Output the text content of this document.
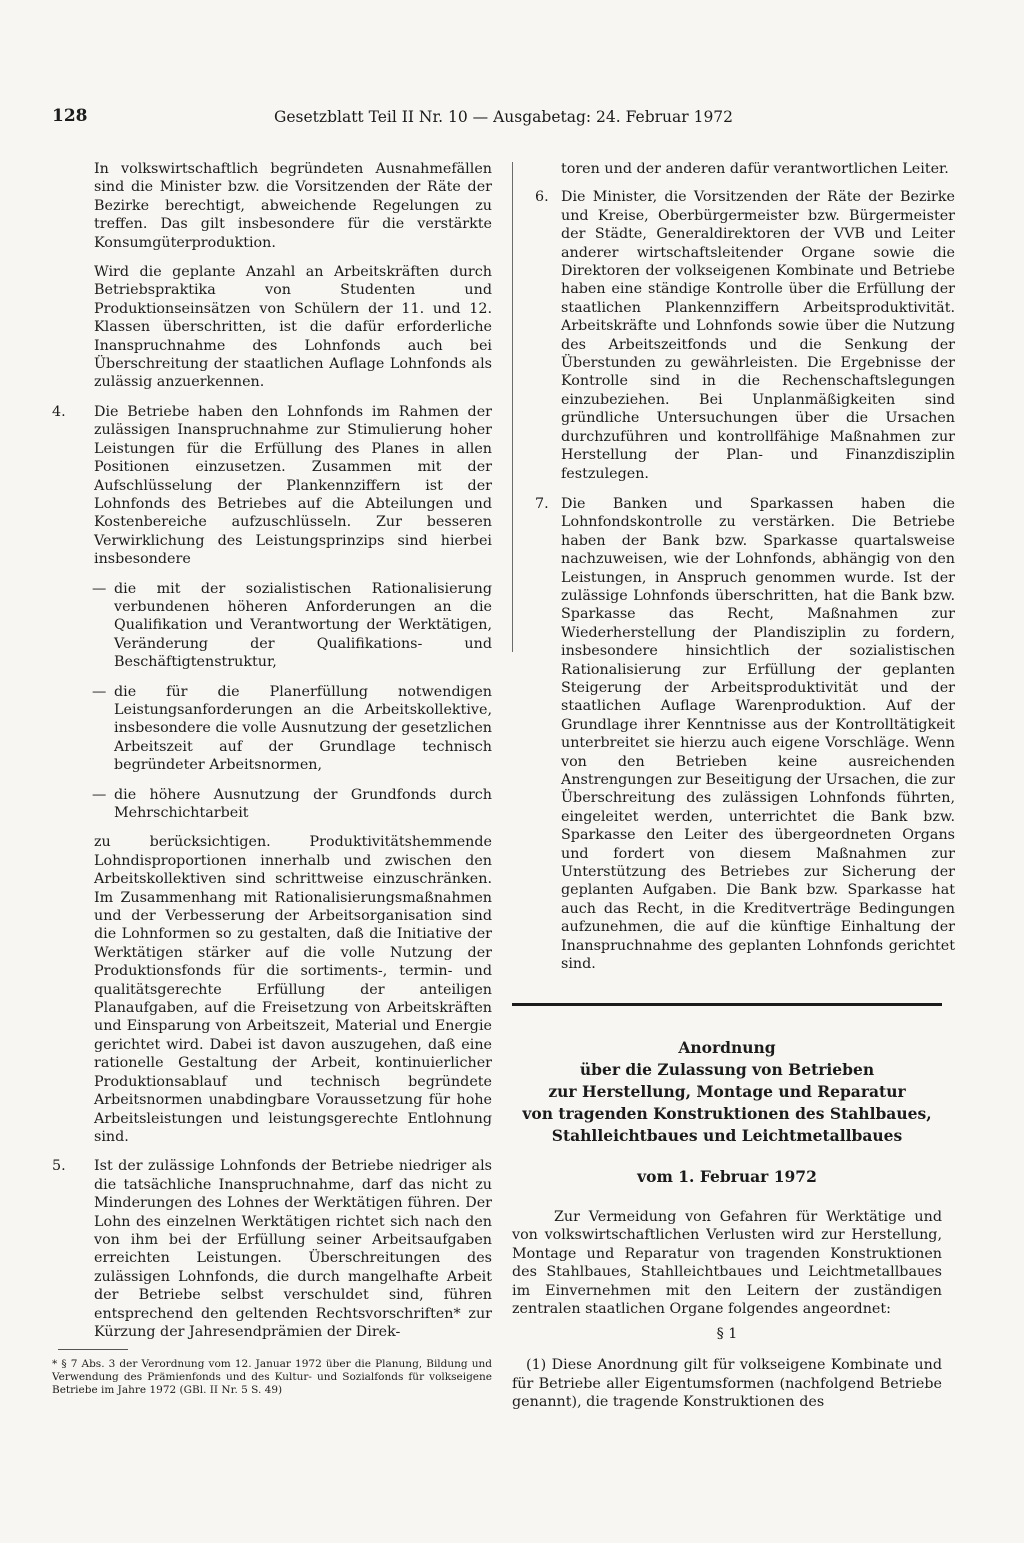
128	Gesetzblatt Teil II Nr. 10 — Ausgabetag: 24. Februar 1972

In volkswirtschaftlich begründeten Ausnahmefällen sind die Minister bzw. die Vorsitzenden der Räte der Bezirke berechtigt, abweichende Regelungen zu treffen. Das gilt insbesondere für die verstärkte Konsumgüterproduktion.

Wird die geplante Anzahl an Arbeitskräften durch Betriebspraktika von Studenten und Produktionseinsätzen von Schülern der 11. und 12. Klassen überschritten, ist die dafür erforderliche Inanspruchnahme des Lohnfonds auch bei Überschreitung der staatlichen Auflage Lohnfonds als zulässig anzuerkennen.

4. Die Betriebe haben den Lohnfonds im Rahmen der zulässigen Inanspruchnahme zur Stimulierung hoher Leistungen für die Erfüllung des Planes in allen Positionen einzusetzen. Zusammen mit der Aufschlüsselung der Plankennziffern ist der Lohnfonds des Betriebes auf die Abteilungen und Kostenbereiche aufzuschlüsseln. Zur besseren Verwirklichung des Leistungsprinzips sind hierbei insbesondere
— die mit der sozialistischen Rationalisierung verbundenen höheren Anforderungen an die Qualifikation und Verantwortung der Werktätigen, Veränderung der Qualifikations- und Beschäftigtenstruktur,
— die für die Planerfüllung notwendigen Leistungsanforderungen an die Arbeitskollektive, insbesondere die volle Ausnutzung der gesetzlichen Arbeitszeit auf der Grundlage technisch begründeter Arbeitsnormen,
— die höhere Ausnutzung der Grundfonds durch Mehrschichtarbeit

zu berücksichtigen. Produktivitätshemmende Lohndisproportionen innerhalb und zwischen den Arbeitskollektiven sind schrittweise einzuschränken. Im Zusammenhang mit Rationalisierungsmaßnahmen und der Verbesserung der Arbeitsorganisation sind die Lohnformen so zu gestalten, daß die Initiative der Werktätigen stärker auf die volle Nutzung der Produktionsfonds für die sortiments-, termin- und qualitätsgerechte Erfüllung der anteiligen Planaufgaben, auf die Freisetzung von Arbeitskräften und Einsparung von Arbeitszeit, Material und Energie gerichtet wird. Dabei ist davon auszugehen, daß eine rationelle Gestaltung der Arbeit, kontinuierlicher Produktionsablauf und technisch begründete Arbeitsnormen unabdingbare Voraussetzung für hohe Arbeitsleistungen und leistungsgerechte Entlohnung sind.

5. Ist der zulässige Lohnfonds der Betriebe niedriger als die tatsächliche Inanspruchnahme, darf das nicht zu Minderungen des Lohnes der Werktätigen führen. Der Lohn des einzelnen Werktätigen richtet sich nach den von ihm bei der Erfüllung seiner Arbeitsaufgaben erreichten Leistungen. Überschreitungen des zulässigen Lohnfonds, die durch mangelhafte Arbeit der Betriebe selbst verschuldet sind, führen entsprechend den geltenden Rechtsvorschriften* zur Kürzung der Jahresendprämien der Direk-

toren und der anderen dafür verantwortlichen Leiter.

6. Die Minister, die Vorsitzenden der Räte der Bezirke und Kreise, Oberbürgermeister bzw. Bürgermeister der Städte, Generaldirektoren der VVB und Leiter anderer wirtschaftsleitender Organe sowie die Direktoren der volkseigenen Kombinate und Betriebe haben eine ständige Kontrolle über die Erfüllung der staatlichen Plankennziffern Arbeitsproduktivität. Arbeitskräfte und Lohnfonds sowie über die Nutzung des Arbeitszeitfonds und die Senkung der Überstunden zu gewährleisten. Die Ergebnisse der Kontrolle sind in die Rechenschaftslegungen einzubeziehen. Bei Unplanmäßigkeiten sind gründliche Untersuchungen über die Ursachen durchzuführen und kontrollfähige Maßnahmen zur Herstellung der Plan- und Finanzdisziplin festzulegen.
7. Die Banken und Sparkassen haben die Lohnfondskontrolle zu verstärken. Die Betriebe haben der Bank bzw. Sparkasse quartalsweise nachzuweisen, wie der Lohnfonds, abhängig von den Leistungen, in Anspruch genommen wurde. Ist der zulässige Lohnfonds überschritten, hat die Bank bzw. Sparkasse das Recht, Maßnahmen zur Wiederherstellung der Plandisziplin zu fordern, insbesondere hinsichtlich der sozialistischen Rationalisierung zur Erfüllung der geplanten Steigerung der Arbeitsproduktivität und der staatlichen Auflage Warenproduktion. Auf der Grundlage ihrer Kenntnisse aus der Kontrolltätigkeit unterbreitet sie hierzu auch eigene Vorschläge. Wenn von den Betrieben keine ausreichenden Anstrengungen zur Beseitigung der Ursachen, die zur Überschreitung des zulässigen Lohnfonds führten, eingeleitet werden, unterrichtet die Bank bzw. Sparkasse den Leiter des übergeordneten Organs und fordert von diesem Maßnahmen zur Unterstützung des Betriebes zur Sicherung der geplanten Aufgaben. Die Bank bzw. Sparkasse hat auch das Recht, in die Kreditverträge Bedingungen aufzunehmen, die auf die künftige Einhaltung der Inanspruchnahme des geplanten Lohnfonds gerichtet sind.
Anordnung
über die Zulassung von Betrieben
zur Herstellung, Montage und Reparatur
von tragenden Konstruktionen des Stahlbaues,
Stahlleichtbaues und Leichtmetallbaues
vom 1. Februar 1972

Zur Vermeidung von Gefahren für Werktätige und von volkswirtschaftlichen Verlusten wird zur Herstellung, Montage und Reparatur von tragenden Konstruktionen des Stahlbaues, Stahlleichtbaues und Leichtmetallbaues im Einvernehmen mit den Leitern der zuständigen zentralen staatlichen Organe folgendes angeordnet:

§ 1

(1) Diese Anordnung gilt für volkseigene Kombinate und für Betriebe aller Eigentumsformen (nachfolgend Betriebe genannt), die tragende Konstruktionen des

* § 7 Abs. 3 der Verordnung vom 12. Januar 1972 über die Planung, Bildung und Verwendung des Prämienfonds und des Kultur- und Sozialfonds für volkseigene Betriebe im Jahre 1972 (GBl. II Nr. 5 S. 49)
